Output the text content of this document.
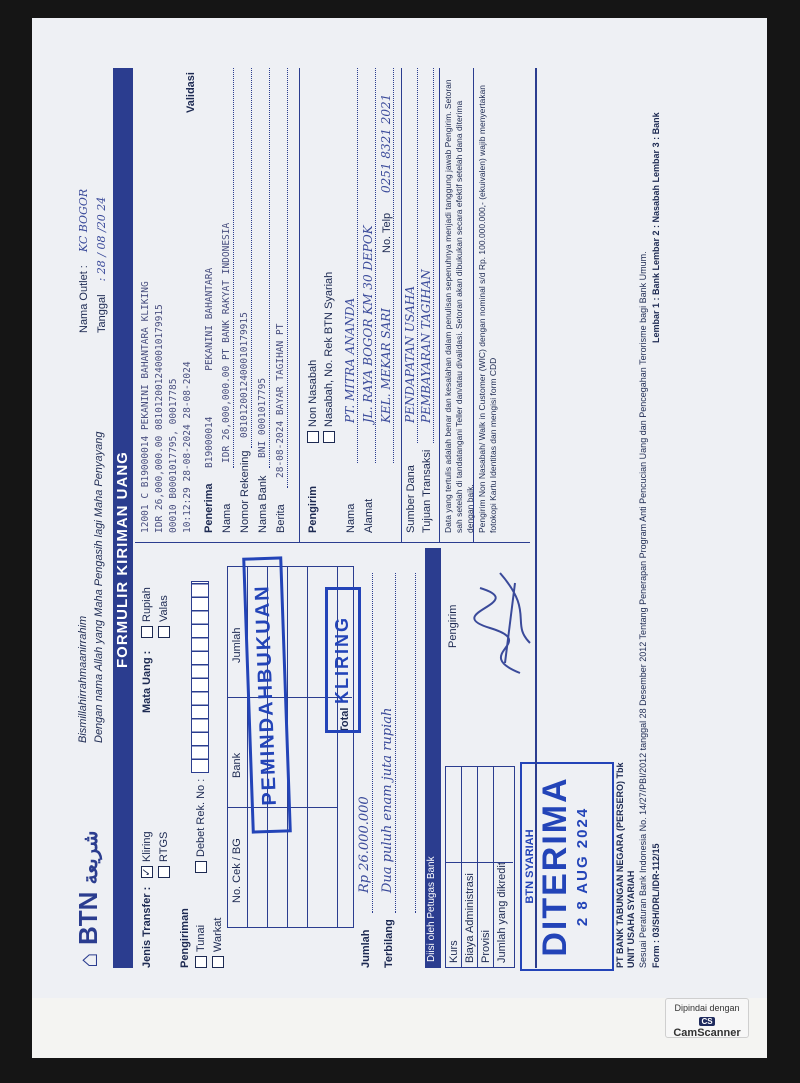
⌂ BTN شريعة
Bismillahirrahmaanirrahim Dengan nama Allah yang Maha Pengasih lagi Maha Penyayang
Nama Outlet : KC BOGOR
Tanggal : 28 / 08 /20 24
FORMULIR KIRIMAN UANG
Jenis Transfer :
✓Kliring RTGS
Mata Uang :
Rupiah Valas
Pengiriman Tunai
Debet Rek. No :
Warkat
No. Cek / BG
Bank
Jumlah
Total
Jumlah
Rp 26.000.000
Terbilang
Dua puluh enam juta rupiah
Diisi oleh Petugas Bank Kurs Biaya Administrasi Provisi Jumlah yang dikredit
Pengirim
BTN SYARIAH DITERIMA 2 8 AUG 2024
PEMINDAHBUKUAN	KLIRING
12001 C B19000014 PEKANINI BAHANTARA KLIKING IDR 26,000,000.00 0810120012400010179915 00010 B0001017795, 00017785 10:12:29 28-08-2024 28-08-2024
Validasi
Penerima
B19000014 PEKANINI BAHANTARA
Nama
IDR 26,000,000.00 PT BANK RAKYAT INDONESIA
Nomor Rekening
0810120012400010179915
Nama Bank
BNI 0001017795
Berita
28-08-2024 BAYAR TAGIHAN PT
Pengirim
Non Nasabah Nasabah, No. Rek BTN Syariah
Nama
PT. MITRA ANANDA
Alamat
JL. RAYA BOGOR KM 30 DEPOK KEL. MEKAR SARI
No. Telp
0251 8321 2021
Sumber Dana
PENDAPATAN USAHA
Tujuan Transaksi
PEMBAYARAN TAGIHAN Data yang tertulis adalah benar dan kesalahan dalam penulisan sepenuhnya menjadi tanggung jawab Pengirim. Setoran sah setelah di tandatangani Teller dan/atau divalidasi. Setoran akan dibukukan secara efektif setelah dana diterima dengan baik. Pengirim Non Nasabah/ Walk in Customer (WIC) dengan nominal s/d Rp. 100.000.000,- (ekuivalen) wajib menyertakan fotokopi Kartu Identitas dan mengisi form CDD
PT BANK TABUNGAN NEGARA (PERSERO) Tbk UNIT USAHA SYARIAH Sesuai Peraturan Bank Indonesia No. 14/27/PBI/2012 tanggal 28 Desember 2012 Tentang Penerapan Program Anti Pencucian Uang dan Pencegahan Terorisme bagi Bank Umum. Form : 03/SH/DRL/IDR-112/15
Lembar 1 : Bank Lembar 2 : Nasabah Lembar 3 : Bank
Dipindai dengan
CS CamScanner
